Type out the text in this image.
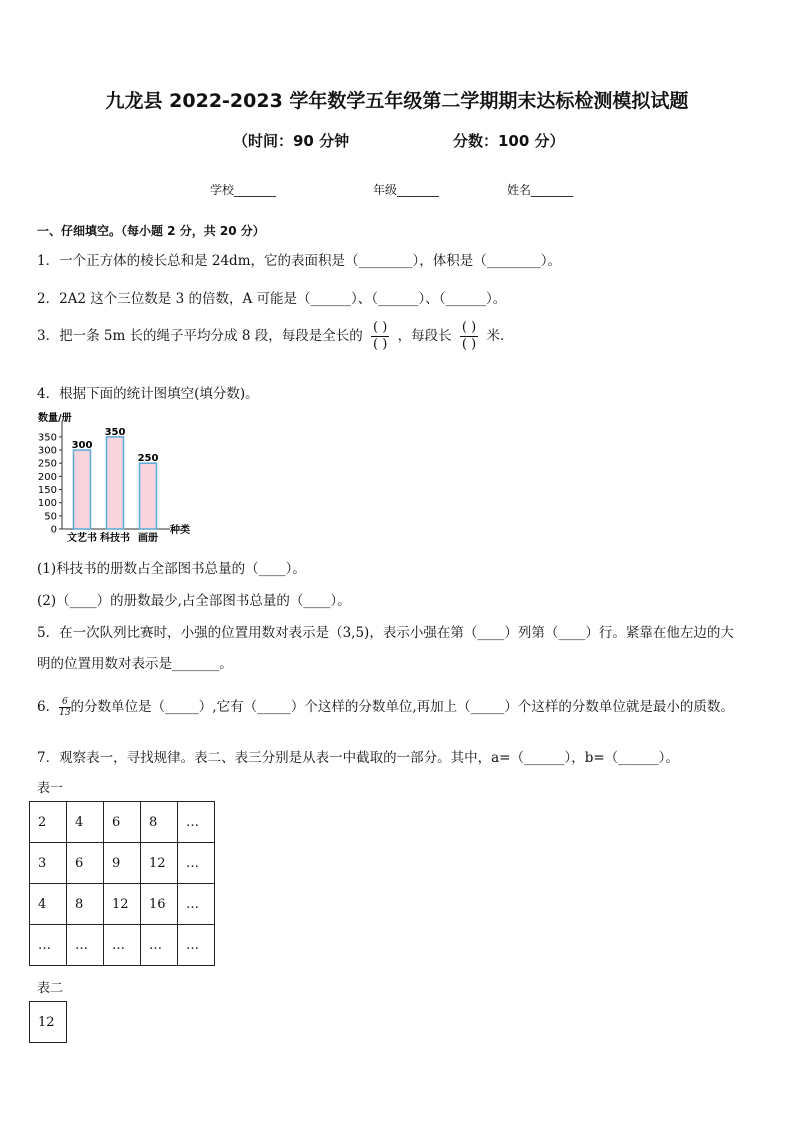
九龙县 2022-2023 学年数学五年级第二学期期末达标检测模拟试题
（时间：90 分钟	分数：100 分）
学校_______	年级_______	姓名_______
一、仔细填空。（每小题 2 分，共 20 分）
1．一个正方体的棱长总和是 24dm，它的表面积是（________），体积是（________）。
2．2A2 这个三位数是 3 的倍数，A 可能是（______）、（______）、（______）。
3．把一条 5m 长的绳子平均分成 8 段，每段是全长的 $\frac{( )}{( )}$ ，每段长 $\frac{( )}{( )}$ 米．
4．根据下面的统计图填空(填分数)。
数量/册
0
50
100
150
200
250
300
350
种类
300
文艺书
350
科技书
250
画册
(1)科技书的册数占全部图书总量的（____）。
(2)（____）的册数最少,占全部图书总量的（____）。
5．在一次队列比赛时，小强的位置用数对表示是（3,5)，表示小强在第（____）列第（____）行。紧靠在他左边的大
明的位置用数对表示是_______。
6． $\frac{6}{13}$ 的分数单位是（_____）,它有（_____）个这样的分数单位,再加上（_____）个这样的分数单位就是最小的质数。
7．观察表一，寻找规律。表二、表三分别是从表一中截取的一部分。其中，a=（______），b=（______）。
表一
2	4	6	8	…
3	6	9	12	…
4	8	12	16	…
…	…	…	…	…
表二
12
